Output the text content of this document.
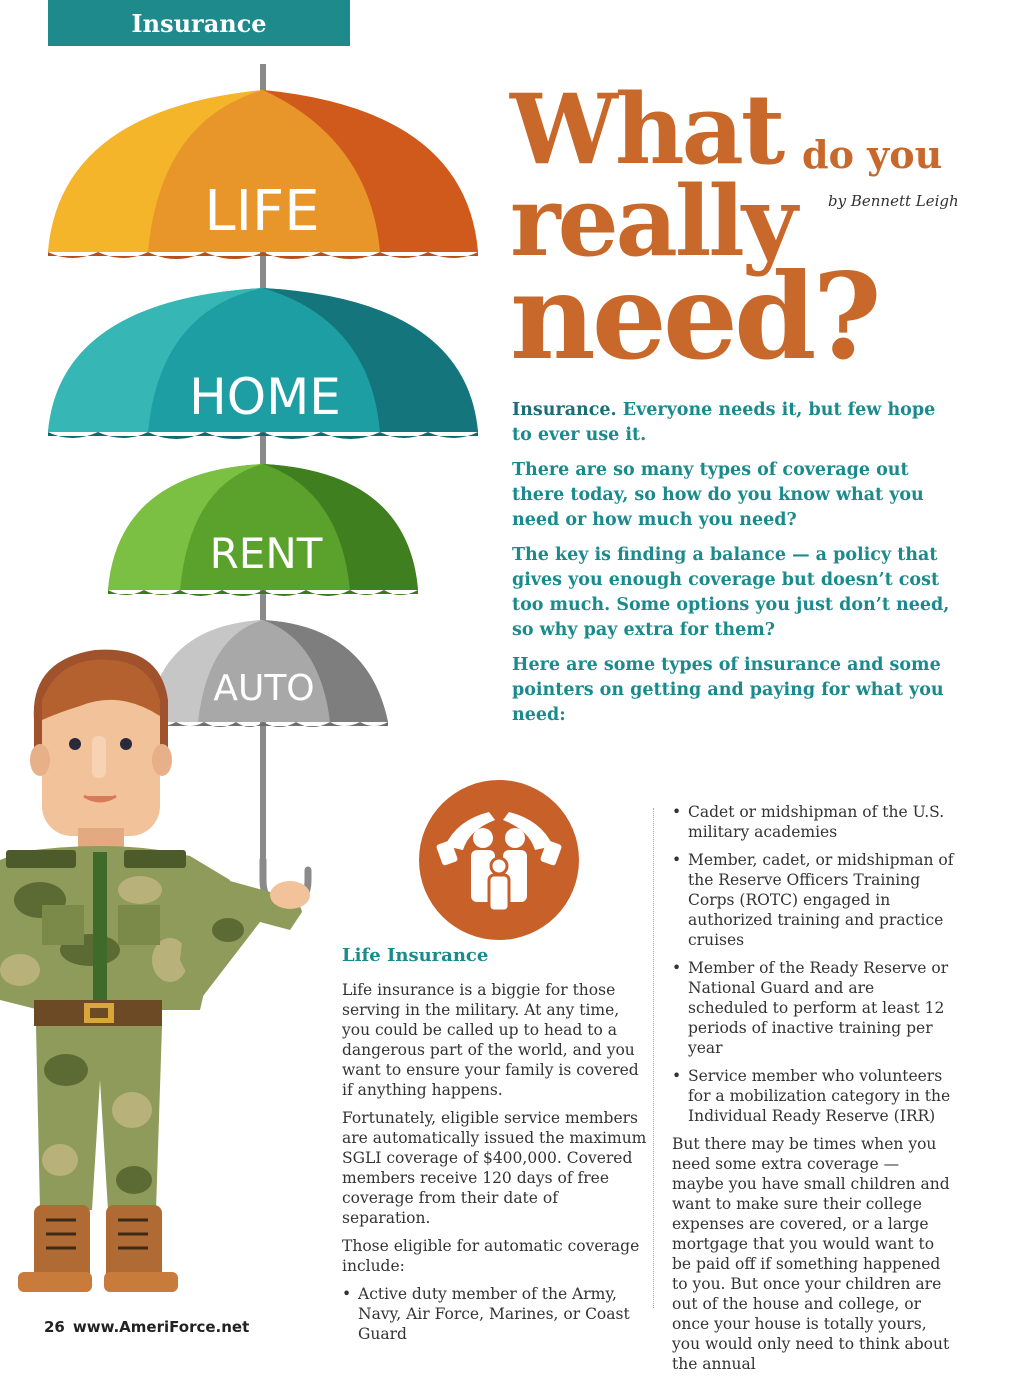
Insurance
LIFE
HOME
RENT
AUTO
What do you
really
need?
by Bennett Leigh

Insurance. Everyone needs it, but few hope to ever use it.

There are so many types of coverage out there today, so how do you know what you need or how much you need?

The key is finding a balance — a policy that gives you enough coverage but doesn’t cost too much. Some options you just don’t need, so why pay extra for them?

Here are some types of insurance and some pointers on getting and paying for what you need:

Life Insurance

Life insurance is a biggie for those serving in the military. At any time, you could be called up to head to a dangerous part of the world, and you want to ensure your family is covered if anything happens.

Fortunately, eligible service members are automatically issued the maximum SGLI coverage of $400,000. Covered members receive 120 days of free coverage from their date of separation.

Those eligible for automatic coverage include:

• Active duty member of the Army, Navy, Air Force, Marines, or Coast Guard
• Cadet or midshipman of the U.S. military academies
• Member, cadet, or midshipman of the Reserve Officers Training Corps (ROTC) engaged in authorized training and practice cruises
• Member of the Ready Reserve or National Guard and are scheduled to perform at least 12 periods of inactive training per year
• Service member who volunteers for a mobilization category in the Individual Ready Reserve (IRR)

But there may be times when you need some extra coverage — maybe you have small children and want to make sure their college expenses are covered, or a large mortgage that you would want to be paid off if something happened to you. But once your children are out of the house and college, or once your house is totally yours, you would only need to think about the annual

26 www.AmeriForce.net
